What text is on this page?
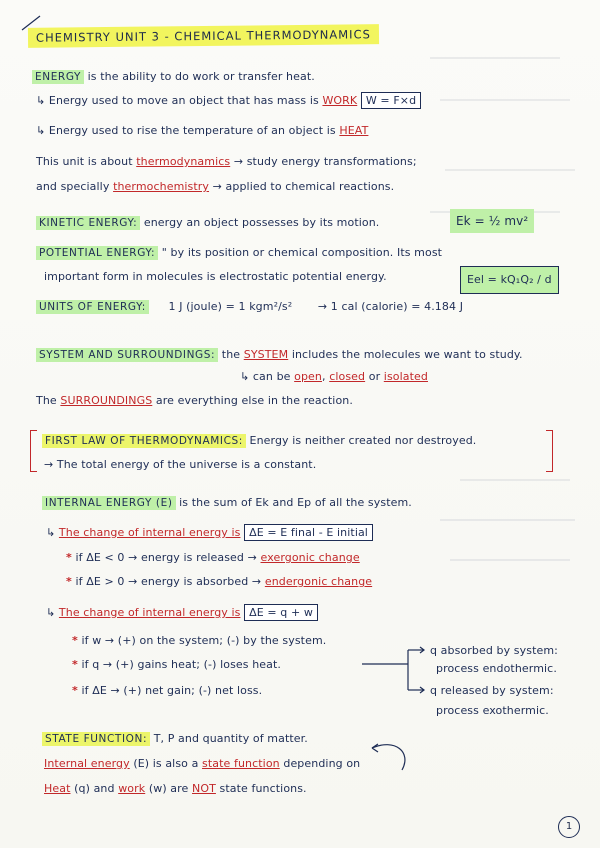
CHEMISTRY UNIT 3 - CHEMICAL THERMODYNAMICS
ENERGY is the ability to do work or transfer heat.
↳ Energy used to move an object that has mass is WORK W = F×d
↳ Energy used to rise the temperature of an object is HEAT
This unit is about thermodynamics → study energy transformations;
and specially thermochemistry → applied to chemical reactions.
KINETIC ENERGY: energy an object possesses by its motion.	Ek = ½ mv²
POTENTIAL ENERGY: " by its position or chemical composition. Its most
important form in molecules is electrostatic potential energy.	Eel = kQ₁Q₂ / d
UNITS OF ENERGY: 1 J (joule) = 1 kgm²/s² → 1 cal (calorie) = 4.184 J
SYSTEM AND SURROUNDINGS: the SYSTEM includes the molecules we want to study.
↳ can be open, closed or isolated
The SURROUNDINGS are everything else in the reaction.
FIRST LAW OF THERMODYNAMICS: Energy is neither created nor destroyed.
→ The total energy of the universe is a constant.
INTERNAL ENERGY (E) is the sum of Ek and Ep of all the system.
↳ The change of internal energy is ΔE = E final - E initial
* if ΔE < 0 → energy is released → exergonic change
* if ΔE > 0 → energy is absorbed → endergonic change
↳ The change of internal energy is ΔE = q + w
* if w → (+) on the system; (-) by the system.
* if q → (+) gains heat; (-) loses heat.
* if ΔE → (+) net gain; (-) net loss.
q absorbed by system:
process endothermic.
q released by system:
process exothermic.
STATE FUNCTION: T, P and quantity of matter.
Internal energy (E) is also a state function depending on
Heat (q) and work (w) are NOT state functions.
1
